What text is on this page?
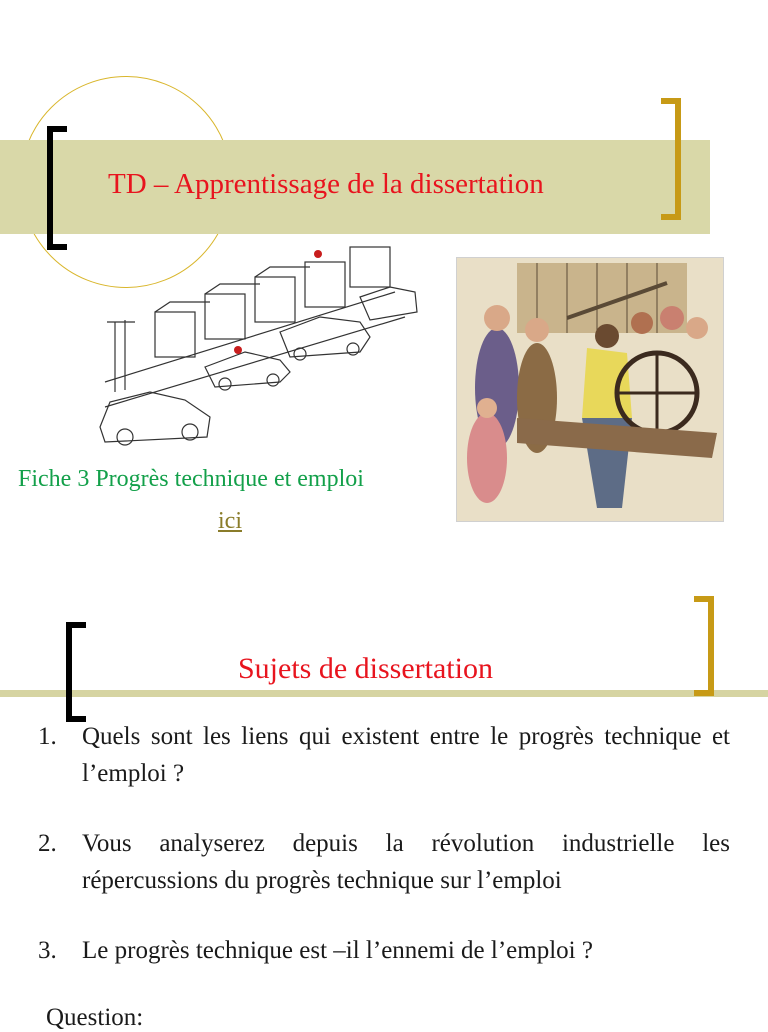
TD – Apprentissage de la dissertation
Fiche 3 Progrès technique et emploi
ici
Sujets de dissertation
1.	Quels sont les liens qui existent entre le progrès technique et l’emploi ?
2.	Vous analyserez depuis la révolution industrielle les répercussions du progrès technique sur l’emploi
3.	Le progrès technique est –il l’ennemi de l’emploi ?
Question:
